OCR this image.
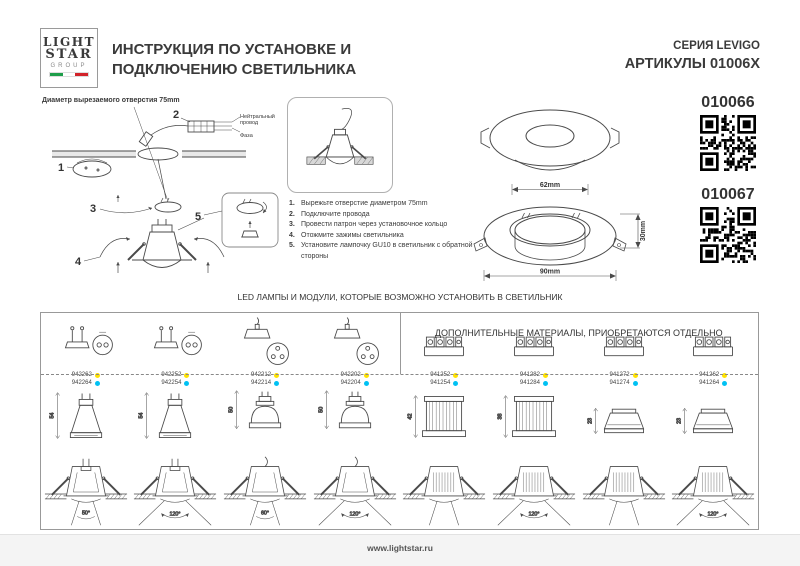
LIGHT
STAR
GROUP
ИНСТРУКЦИЯ ПО УСТАНОВКЕ И
ПОДКЛЮЧЕНИЮ СВЕТИЛЬНИКА
СЕРИЯ LEVIGO
АРТИКУЛЫ 01006X
1
2
3
4
5
Диаметр вырезаемого отверстия 75mm
Нейтральный провод
Фаза
1. Вырежьте отверстие диаметром 75mm
2. Подключите провода
3. Провести патрон через установочное кольцо
4. Отожмите зажимы светильника
5. Установите лампочку GU10 в светильник с обратной стороны
62mm
90mm
30mm
010066
010067
LED ЛАМПЫ И МОДУЛИ, КОТОРЫЕ ВОЗМОЖНО УСТАНОВИТЬ В СВЕТИЛЬНИК
942262
942264
54
50°
942252
942254
54
120°
942212
942214
50
60°
942202
942204
50
120°
941252
941254
42
941282
941284
38
120°
941272
941274
23
941262
941264
23
120°
ДОПОЛНИТЕЛЬНЫЕ МАТЕРИАЛЫ, ПРИОБРЕТАЮТСЯ ОТДЕЛЬНО
www.lightstar.ru
